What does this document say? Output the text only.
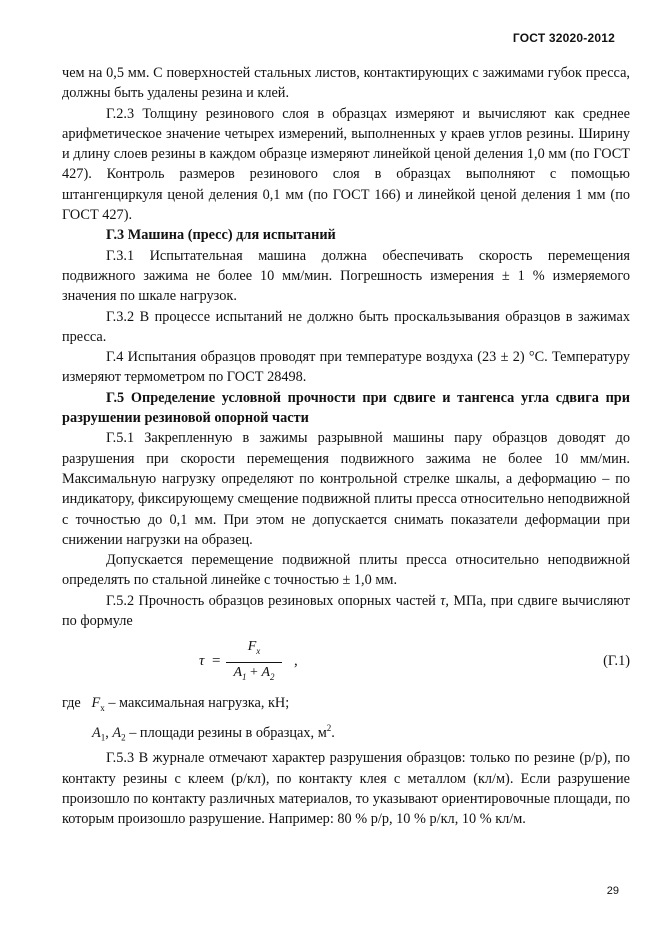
ГОСТ 32020-2012

чем на 0,5 мм. С поверхностей стальных листов, контактирующих с зажимами губок пресса, должны быть удалены резина и клей.

Г.2.3 Толщину резинового слоя в образцах измеряют и вычисляют как среднее арифметическое значение четырех измерений, выполненных у краев углов резины. Ширину и длину слоев резины в каждом образце измеряют линейкой ценой деления 1,0 мм (по ГОСТ 427). Контроль размеров резинового слоя в образцах выполняют с помощью штангенциркуля ценой деления 0,1 мм (по ГОСТ 166) и линейкой ценой деления 1 мм (по ГОСТ 427).

Г.3 Машина (пресс) для испытаний

Г.3.1 Испытательная машина должна обеспечивать скорость перемещения подвижного зажима не более 10 мм/мин. Погрешность измерения ± 1 % измеряемого значения по шкале нагрузок.

Г.3.2 В процессе испытаний не должно быть проскальзывания образцов в зажимах пресса.

Г.4 Испытания образцов проводят при температуре воздуха (23 ± 2) °С. Температуру измеряют термометром по ГОСТ 28498.

Г.5 Определение условной прочности при сдвиге и тангенса угла сдвига при разрушении резиновой опорной части

Г.5.1 Закрепленную в зажимы разрывной машины пару образцов доводят до разрушения при скорости перемещения подвижного зажима не более 10 мм/мин. Максимальную нагрузку определяют по контрольной стрелке шкалы, а деформацию – по индикатору, фиксирующему смещение подвижной плиты пресса относительно неподвижной с точностью до 0,1 мм. При этом не допускается снимать показатели деформации при снижении нагрузки на образец.

Допускается перемещение подвижной плиты пресса относительно неподвижной определять по стальной линейке с точностью ± 1,0 мм.

Г.5.2 Прочность образцов резиновых опорных частей τ, МПа, при сдвиге вычисляют по формуле

$\tau = \frac{F_x}{A_1 + A_2}$ ,	(Г.1)

где $F_x$ – максимальная нагрузка, кН;

$A_1$, $A_2$ – площади резины в образцах, $м^2$.

Г.5.3 В журнале отмечают характер разрушения образцов: только по резине (р/р), по контакту резины с клеем (р/кл), по контакту клея с металлом (кл/м). Если разрушение произошло по контакту различных материалов, то указывают ориентировочные площади, по которым произошло разрушение. Например: 80 % р/р, 10 % р/кл, 10 % кл/м.

29
